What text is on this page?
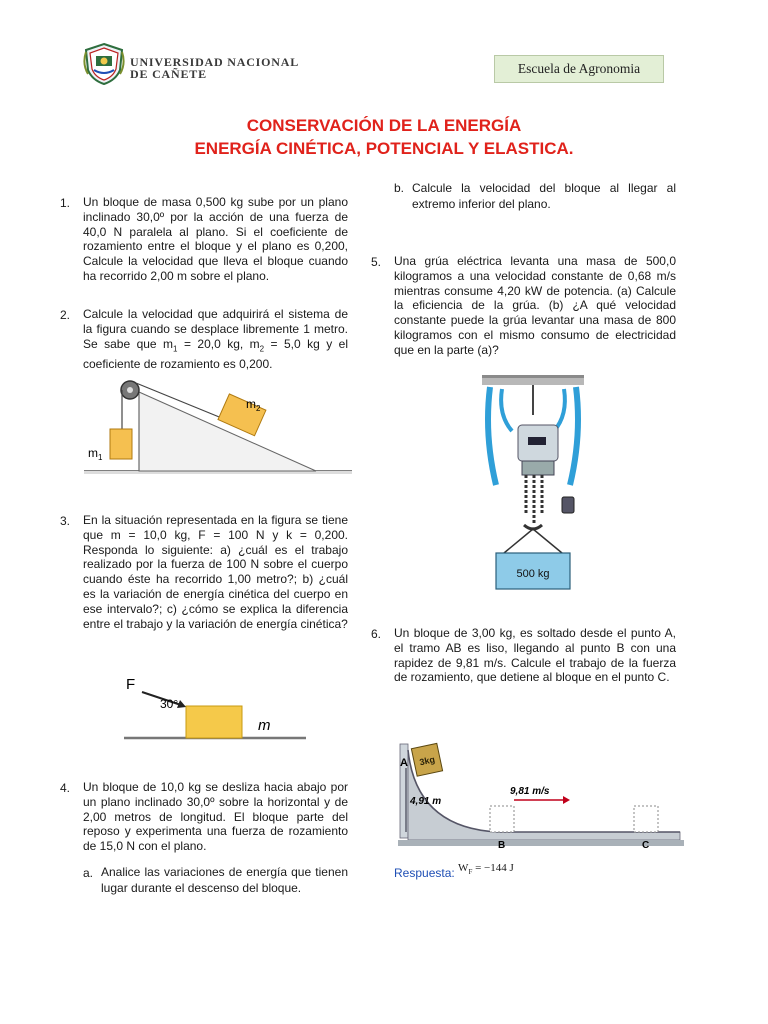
UNIVERSIDAD NACIONAL
DE CAÑETE	Escuela de Agronomia
CONSERVACIÓN DE LA ENERGÍA
ENERGÍA CINÉTICA, POTENCIAL Y ELASTICA.
1. Un bloque de masa 0,500 kg sube por un plano inclinado 30,0º por la acción de una fuerza de 40,0 N paralela al plano. Si el coeficiente de rozamiento entre el bloque y el plano es 0,200, Calcule la velocidad que lleva el bloque cuando ha recorrido 2,00 m sobre el plano.
2. Calcule la velocidad que adquirirá el sistema de la figura cuando se desplace libremente 1 metro. Se sabe que $m_1 = 20,0$ kg, $m_2 = 5,0$ kg y el coeficiente de rozamiento es 0,200.
$m_1$
$m_2$
3. En la situación representada en la figura se tiene que m = 10,0 kg, F = 100 N y k = 0,200. Responda lo siguiente: a) ¿cuál es el trabajo realizado por la fuerza de 100 N sobre el cuerpo cuando éste ha recorrido 1,00 metro?; b) ¿cuál es la variación de energía cinética del cuerpo en ese intervalo?; c) ¿cómo se explica la diferencia entre el trabajo y la variación de energía cinética?
F
30°
m
4. Un bloque de 10,0 kg se desliza hacia abajo por un plano inclinado 30,0º sobre la horizontal y de 2,00 metros de longitud. El bloque parte del reposo y experimenta una fuerza de rozamiento de 15,0 N con el plano.
a. Analice las variaciones de energía que tienen lugar durante el descenso del bloque.
b. Calcule la velocidad del bloque al llegar al extremo inferior del plano.
5. Una grúa eléctrica levanta una masa de 500,0 kilogramos a una velocidad constante de 0,68 m/s mientras consume 4,20 kW de potencia. (a) Calcule la eficiencia de la grúa. (b) ¿A qué velocidad constante puede la grúa levantar una masa de 800 kilogramos con el mismo consumo de electricidad que en la parte (a)?
500 kg
6. Un bloque de 3,00 kg, es soltado desde el punto A, el tramo AB es liso, llegando al punto B con una rapidez de 9,81 m/s. Calcule el trabajo de la fuerza de rozamiento, que detiene al bloque en el punto C.
3kg
A
B	C
4,91 m
9,81 m/s
Respuesta: $W_F = -144$ J
